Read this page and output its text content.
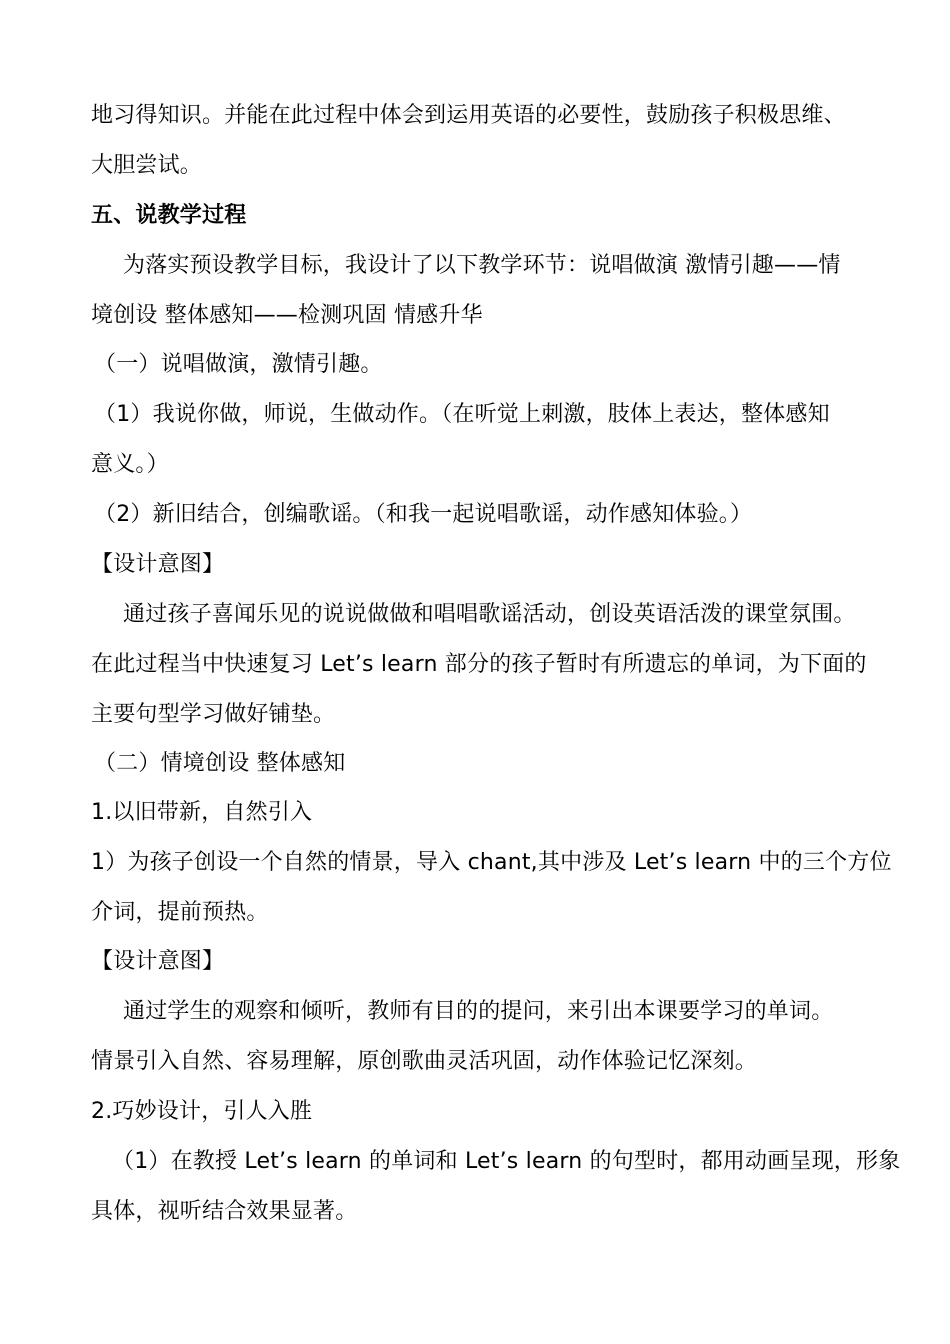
地习得知识。并能在此过程中体会到运用英语的必要性，鼓励孩子积极思维、
大胆尝试。
五、说教学过程
为落实预设教学目标，我设计了以下教学环节：说唱做演 激情引趣——情
境创设 整体感知——检测巩固 情感升华
（一）说唱做演，激情引趣。
（1）我说你做，师说，生做动作。（在听觉上刺激，肢体上表达，整体感知
意义。）
（2）新旧结合，创编歌谣。（和我一起说唱歌谣，动作感知体验。）
【设计意图】
通过孩子喜闻乐见的说说做做和唱唱歌谣活动，创设英语活泼的课堂氛围。
在此过程当中快速复习 Let’s learn 部分的孩子暂时有所遗忘的单词，为下面的
主要句型学习做好铺垫。
（二）情境创设 整体感知
1.以旧带新，自然引入
1）为孩子创设一个自然的情景，导入 chant,其中涉及 Let’s learn 中的三个方位
介词，提前预热。
【设计意图】
通过学生的观察和倾听，教师有目的的提问，来引出本课要学习的单词。
情景引入自然、容易理解，原创歌曲灵活巩固，动作体验记忆深刻。
2.巧妙设计，引人入胜
（1）在教授 Let’s learn 的单词和 Let’s learn 的句型时，都用动画呈现，形象
具体，视听结合效果显著。
